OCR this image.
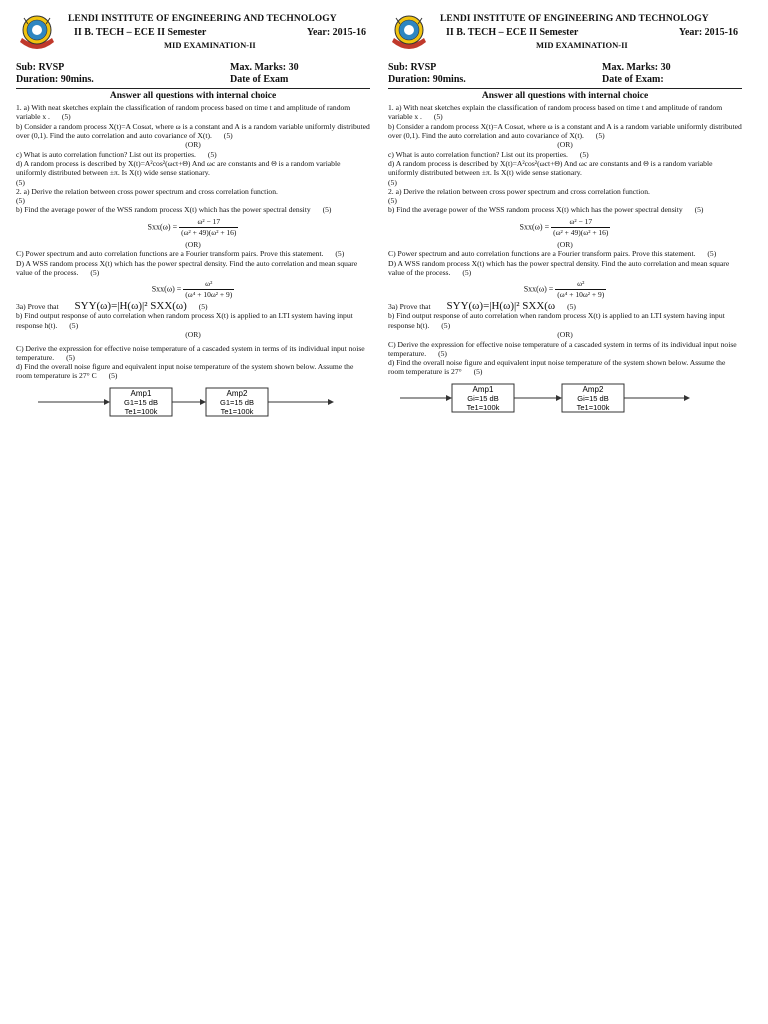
LENDI INSTITUTE OF ENGINEERING AND TECHNOLOGY
II B. TECH – ECE II Semester	Year: 2015-16
MID EXAMINATION-II
Sub: RVSP	Max. Marks: 30
Duration: 90mins.	Date of Exam
Answer all questions with internal choice

1. a) With neat sketches explain the classification of random process based on time t and amplitude of random variable x . (5)

b) Consider a random process X(t)=A Cosωt, where ω is a constant and A is a random variable uniformly distributed over (0,1). Find the auto correlation and auto covariance of X(t). (5)

(OR)

c) What is auto correlation function? List out its properties. (5)

d) A random process is described by X(t)=A²cos²(ωct+Θ) And ωc are constants and Θ is a random variable uniformly distributed between ±π. Is X(t) wide sense stationary.
(5)

2. a) Derive the relation between cross power spectrum and cross correlation function.
(5)

b) Find the average power of the WSS random process X(t) which has the power spectral density (5)

$Sxx(\omega) = \frac{\text{ω² − 17}}{\text{(ω² + 49)(ω² + 16)}}$
(OR)

C) Power spectrum and auto correlation functions are a Fourier transform pairs. Prove this statement. (5)

D) A WSS random process X(t) which has the power spectral density. Find the auto correlation and mean square value of the process. (5)

$Sxx(\omega) = \frac{\text{ω²}}{\text{(ω⁴ + 10ω² + 9)}}$

3a) Prove that SYY(ω)=|H(ω)|² SXX(ω) (5)

b) Find output response of auto correlation when random process X(t) is applied to an LTI system having input response h(t). (5)

(OR)

C) Derive the expression for effective noise temperature of a cascaded system in terms of its individual input noise temperature. (5)

d) Find the overall noise figure and equivalent input noise temperature of the system shown below. Assume the room temperature is 27° C (5)

Amp1
G1=15 dB
Te1=100k
Amp2
G1=15 dB
Te1=100k
LENDI INSTITUTE OF ENGINEERING AND TECHNOLOGY
II B. TECH – ECE II Semester	Year: 2015-16
MID EXAMINATION-II
Sub: RVSP	Max. Marks: 30
Duration: 90mins.	Date of Exam:
Answer all questions with internal choice

1. a) With neat sketches explain the classification of random process based on time t and amplitude of random variable x . (5)

b) Consider a random process X(t)=A Cosωt, where ω is a constant and A is a random variable uniformly distributed over (0,1). Find the auto correlation and auto covariance of X(t). (5)

(OR)

c) What is auto correlation function? List out its properties. (5)

d) A random process is described by X(t)=A²cos²(ωct+Θ) And ωc are constants and Θ is a random variable uniformly distributed between ±π. Is X(t) wide sense stationary.
(5)

2. a) Derive the relation between cross power spectrum and cross correlation function.
(5)

b) Find the average power of the WSS random process X(t) which has the power spectral density (5)

$Sxx(\omega) = \frac{\text{ω² − 17}}{\text{(ω² + 49)(ω² + 16)}}$
(OR)

C) Power spectrum and auto correlation functions are a Fourier transform pairs. Prove this statement. (5)

D) A WSS random process X(t) which has the power spectral density. Find the auto correlation and mean square value of the process. (5)

$Sxx(\omega) = \frac{\text{ω²}}{\text{(ω⁴ + 10ω² + 9)}}$

3a) Prove that SYY(ω)=|H(ω)|² SXX(ω (5)

b) Find output response of auto correlation when random process X(t) is applied to an LTI system having input response h(t). (5)

(OR)

C) Derive the expression for effective noise temperature of a cascaded system in terms of its individual input noise temperature. (5)

d) Find the overall noise figure and equivalent input noise temperature of the system shown below. Assume the room temperature is 27° (5)

Amp1
Gi=15 dB
Te1=100k
Amp2
Gi=15 dB
Te1=100k
